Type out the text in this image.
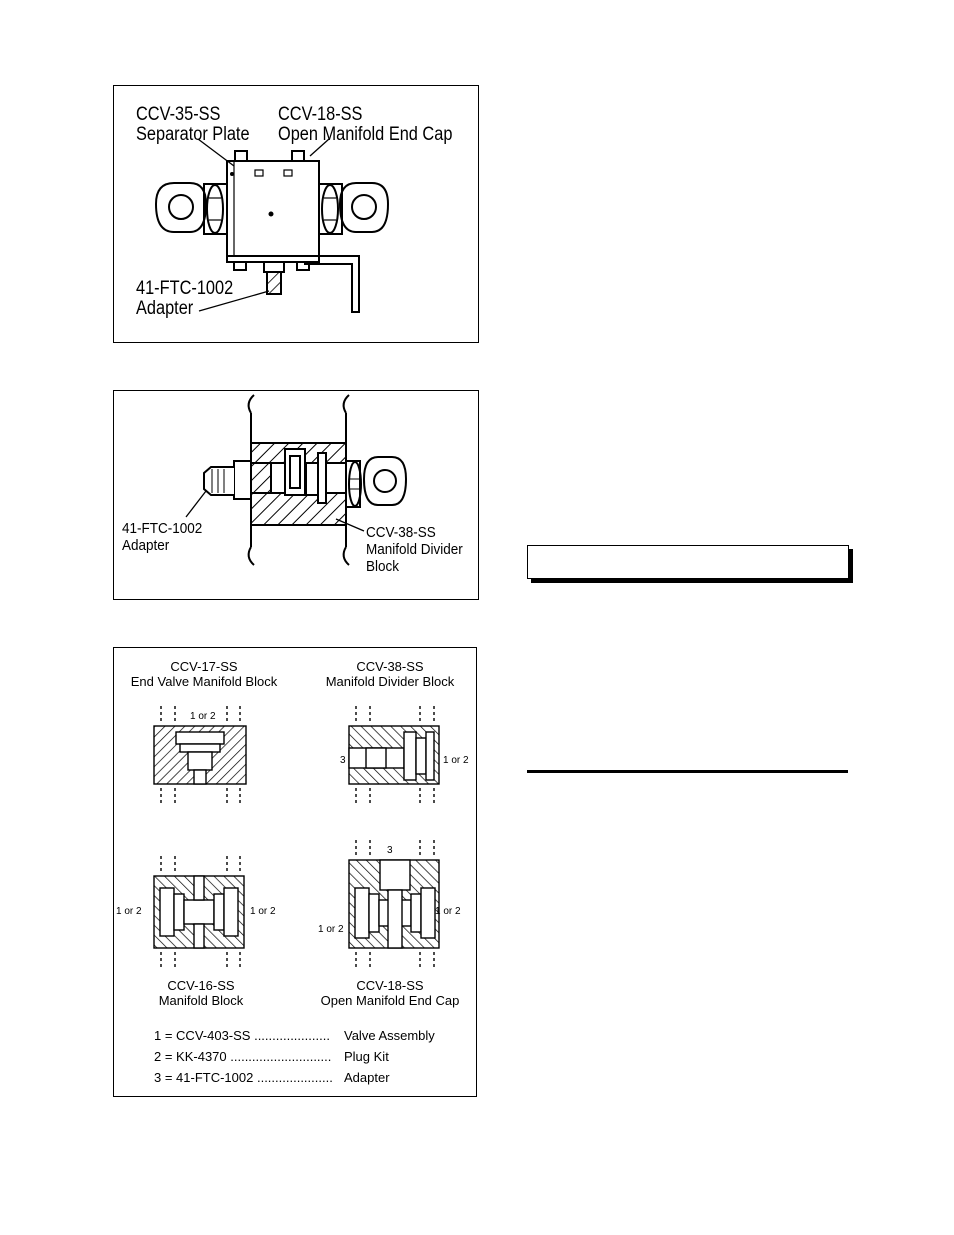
CCV-35-SS
Separator Plate
CCV-18-SS
Open Manifold End Cap
41-FTC-1002
Adapter
41-FTC-1002
Adapter
CCV-38-SS
Manifold Divider
Block
CCV-17-SS
End Valve Manifold Block
CCV-38-SS
Manifold Divider Block
CCV-16-SS
Manifold Block
CCV-18-SS
Open Manifold End Cap
1 or 2
3	1 or 2
1 or 2	1 or 2
3
1 or 2
1 or 2
1 = CCV-403-SS ..................... Valve Assembly
2 = KK-4370 ............................ Plug Kit
3 = 41-FTC-1002 ..................... Adapter
